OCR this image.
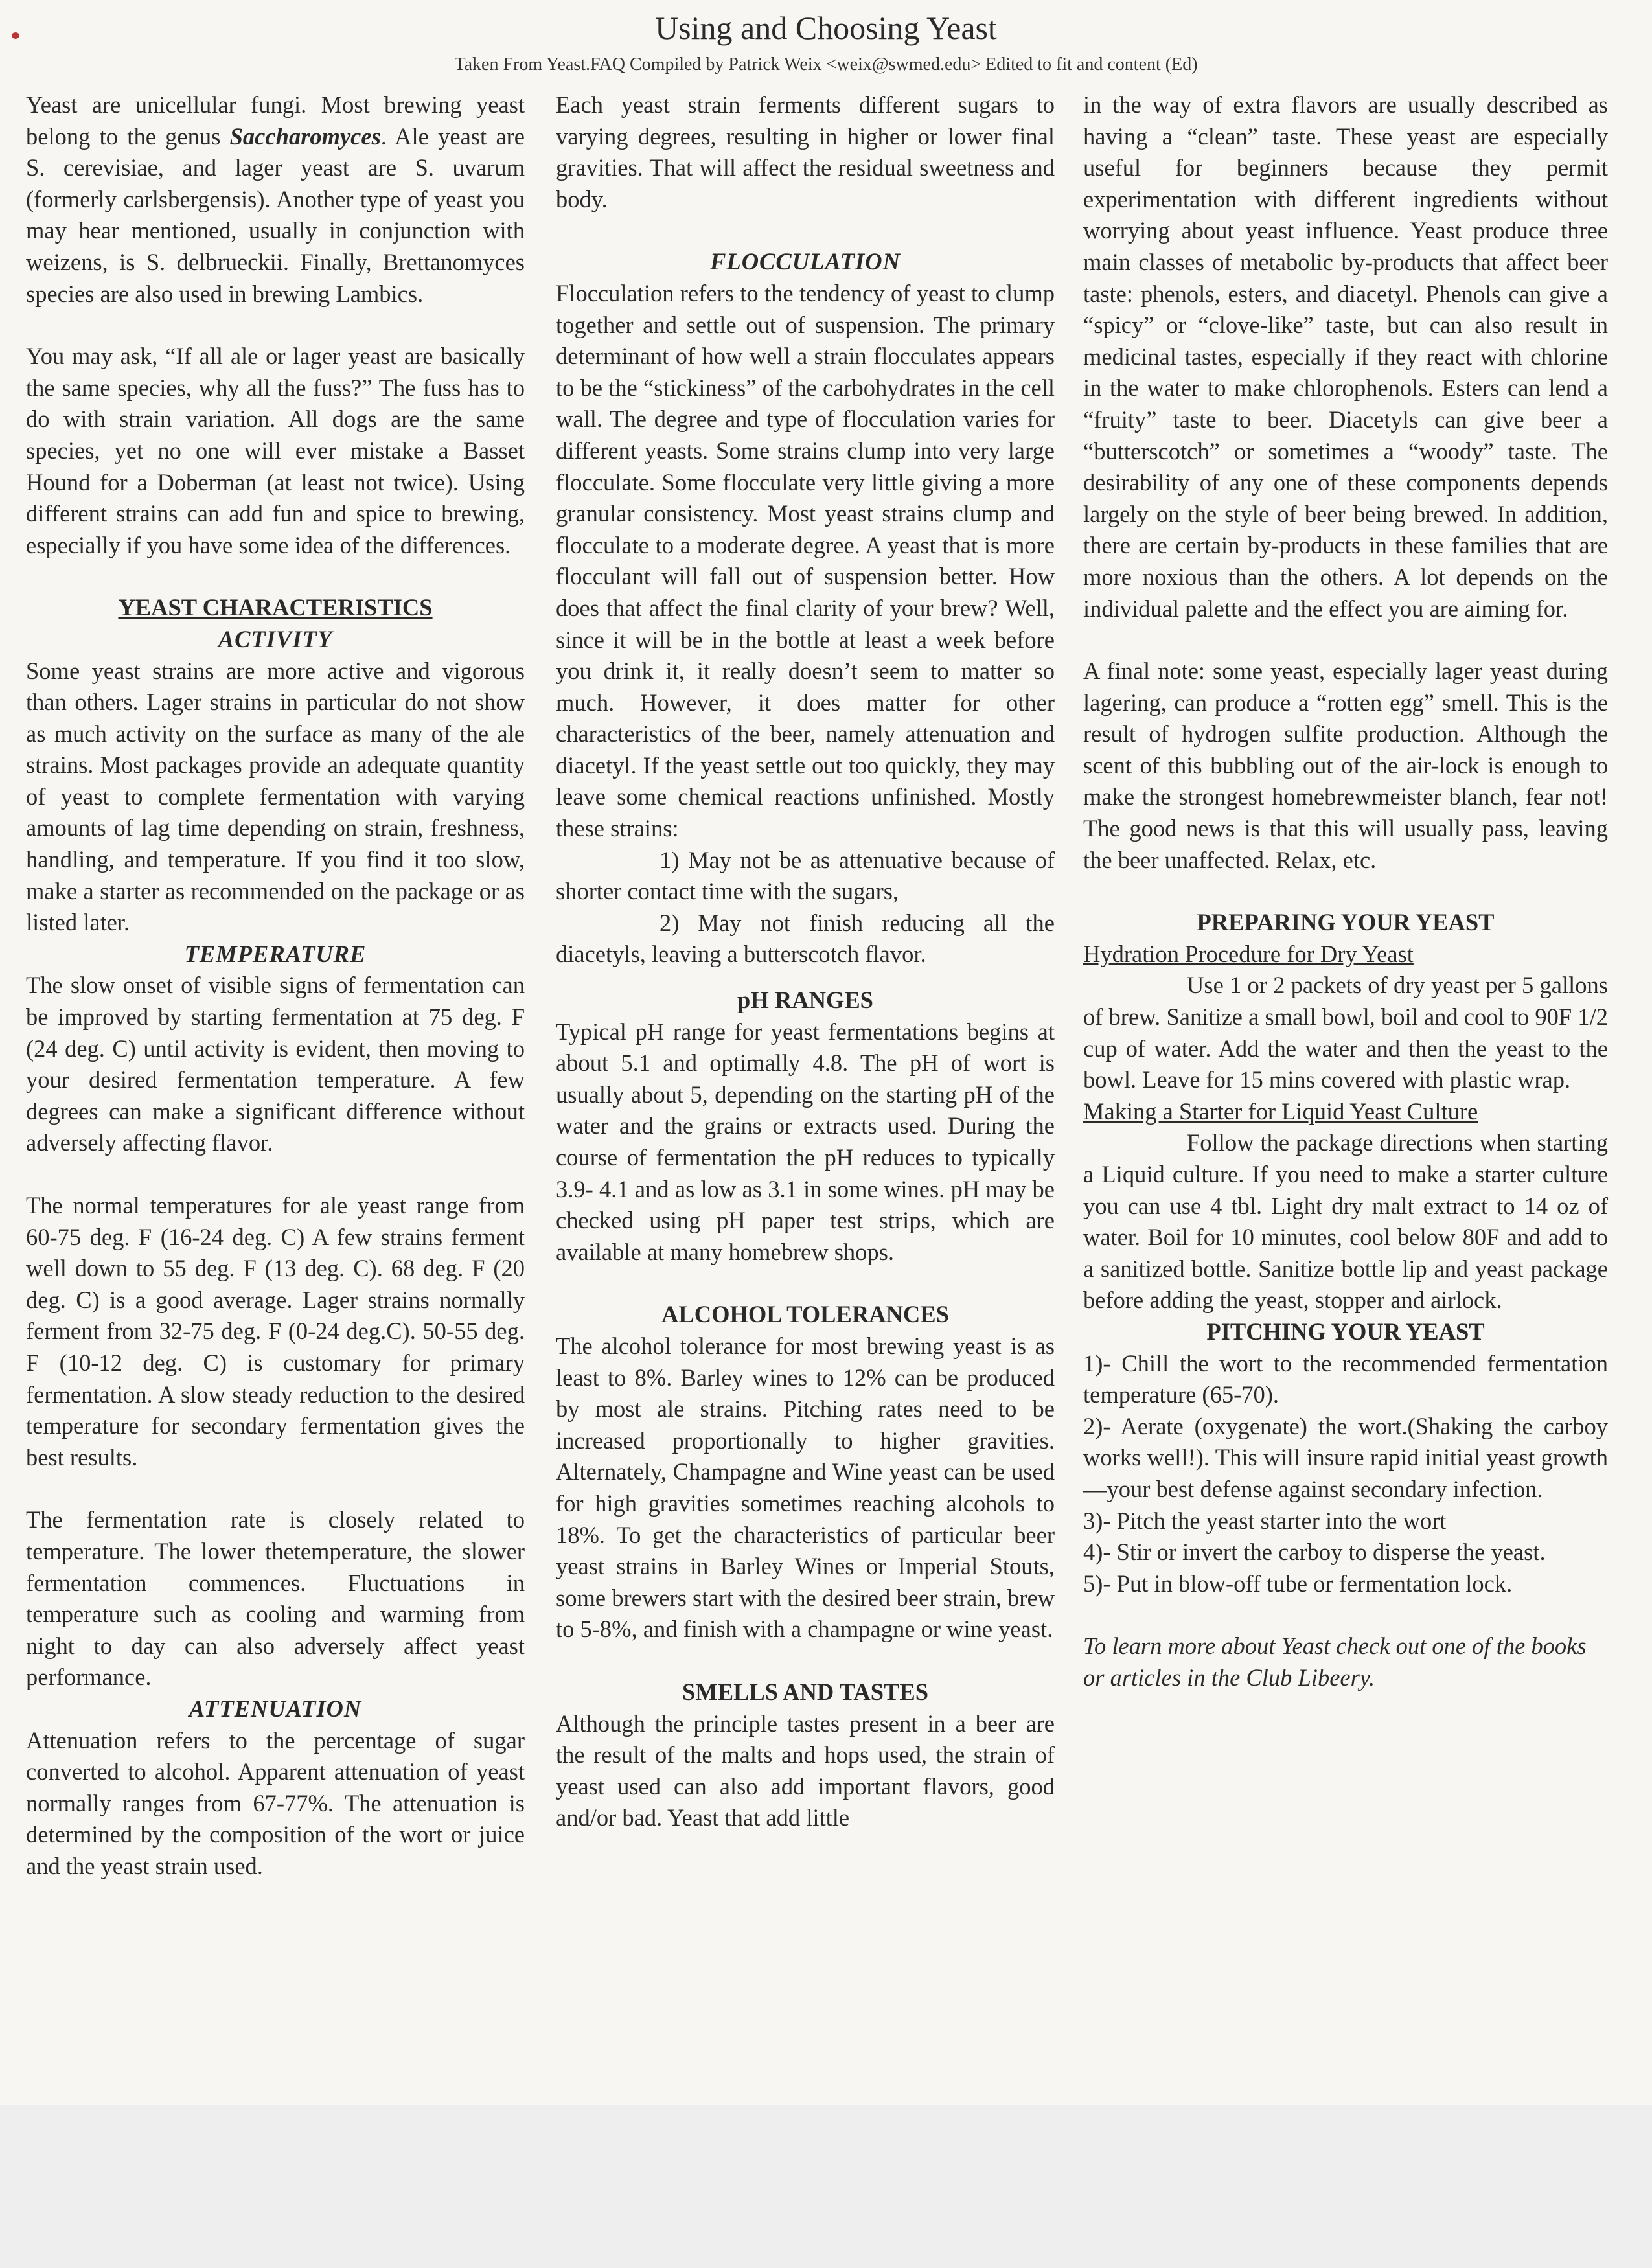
Using and Choosing Yeast
Taken From Yeast.FAQ Compiled by Patrick Weix <weix@swmed.edu> Edited to fit and content (Ed)

Yeast are unicellular fungi. Most brewing yeast belong to the genus Saccharomyces. Ale yeast are S. cerevisiae, and lager yeast are S. uvarum (formerly carlsbergensis). Another type of yeast you may hear mentioned, usually in conjunction with weizens, is S. delbrueckii. Finally, Brettanomyces species are also used in brewing Lambics.

You may ask, “If all ale or lager yeast are basically the same species, why all the fuss?” The fuss has to do with strain variation. All dogs are the same species, yet no one will ever mistake a Basset Hound for a Doberman (at least not twice). Using different strains can add fun and spice to brewing, especially if you have some idea of the differences.

YEAST CHARACTERISTICS

ACTIVITY

Some yeast strains are more active and vigorous than others. Lager strains in particular do not show as much activity on the surface as many of the ale strains. Most packages provide an adequate quantity of yeast to complete fermentation with varying amounts of lag time depending on strain, freshness, handling, and temperature. If you find it too slow, make a starter as recommended on the package or as listed later.

TEMPERATURE

The slow onset of visible signs of fermentation can be improved by starting fermentation at 75 deg. F (24 deg. C) until activity is evident, then moving to your desired fermentation temperature. A few degrees can make a significant difference without adversely affecting flavor.

The normal temperatures for ale yeast range from 60-75 deg. F (16-24 deg. C) A few strains ferment well down to 55 deg. F (13 deg. C). 68 deg. F (20 deg. C) is a good average. Lager strains normally ferment from 32-75 deg. F (0-24 deg.C). 50-55 deg. F (10-12 deg. C) is customary for primary fermentation. A slow steady reduction to the desired temperature for secondary fermentation gives the best results.

The fermentation rate is closely related to temperature. The lower thetemperature, the slower fermentation commences. Fluctuations in temperature such as cooling and warming from night to day can also adversely affect yeast performance.

ATTENUATION

Attenuation refers to the percentage of sugar converted to alcohol. Apparent attenuation of yeast normally ranges from 67-77%. The attenuation is determined by the composition of the wort or juice and the yeast strain used.

Each yeast strain ferments different sugars to varying degrees, resulting in higher or lower final gravities. That will affect the residual sweetness and body.

FLOCCULATION

Flocculation refers to the tendency of yeast to clump together and settle out of suspension. The primary determinant of how well a strain flocculates appears to be the “stickiness” of the carbohydrates in the cell wall. The degree and type of flocculation varies for different yeasts. Some strains clump into very large flocculate. Some flocculate very little giving a more granular consistency. Most yeast strains clump and flocculate to a moderate degree. A yeast that is more flocculant will fall out of suspension better. How does that affect the final clarity of your brew? Well, since it will be in the bottle at least a week before you drink it, it really doesn’t seem to matter so much. However, it does matter for other characteristics of the beer, namely attenuation and diacetyl. If the yeast settle out too quickly, they may leave some chemical reactions unfinished. Mostly these strains:

1) May not be as attenuative because of shorter contact time with the sugars,

2) May not finish reducing all the diacetyls, leaving a butterscotch flavor.

pH RANGES

Typical pH range for yeast fermentations begins at about 5.1 and optimally 4.8. The pH of wort is usually about 5, depending on the starting pH of the water and the grains or extracts used. During the course of fermentation the pH reduces to typically 3.9- 4.1 and as low as 3.1 in some wines. pH may be checked using pH paper test strips, which are available at many homebrew shops.

ALCOHOL TOLERANCES

The alcohol tolerance for most brewing yeast is as least to 8%. Barley wines to 12% can be produced by most ale strains. Pitching rates need to be increased proportionally to higher gravities. Alternately, Champagne and Wine yeast can be used for high gravities sometimes reaching alcohols to 18%. To get the characteristics of particular beer yeast strains in Barley Wines or Imperial Stouts, some brewers start with the desired beer strain, brew to 5-8%, and finish with a champagne or wine yeast.

SMELLS AND TASTES

Although the principle tastes present in a beer are the result of the malts and hops used, the strain of yeast used can also add important flavors, good and/or bad. Yeast that add little

in the way of extra flavors are usually described as having a “clean” taste. These yeast are especially useful for beginners because they permit experimentation with different ingredients without worrying about yeast influence. Yeast produce three main classes of metabolic by-products that affect beer taste: phenols, esters, and diacetyl. Phenols can give a “spicy” or “clove-like” taste, but can also result in medicinal tastes, especially if they react with chlorine in the water to make chlorophenols. Esters can lend a “fruity” taste to beer. Diacetyls can give beer a “butterscotch” or sometimes a “woody” taste. The desirability of any one of these components depends largely on the style of beer being brewed. In addition, there are certain by-products in these families that are more noxious than the others. A lot depends on the individual palette and the effect you are aiming for.

A final note: some yeast, especially lager yeast during lagering, can produce a “rotten egg” smell. This is the result of hydrogen sulfite production. Although the scent of this bubbling out of the air-lock is enough to make the strongest homebrewmeister blanch, fear not! The good news is that this will usually pass, leaving the beer unaffected. Relax, etc.

PREPARING YOUR YEAST

Hydration Procedure for Dry Yeast

Use 1 or 2 packets of dry yeast per 5 gallons of brew. Sanitize a small bowl, boil and cool to 90F 1/2 cup of water. Add the water and then the yeast to the bowl. Leave for 15 mins covered with plastic wrap.

Making a Starter for Liquid Yeast Culture

Follow the package directions when starting a Liquid culture. If you need to make a starter culture you can use 4 tbl. Light dry malt extract to 14 oz of water. Boil for 10 minutes, cool below 80F and add to a sanitized bottle. Sanitize bottle lip and yeast package before adding the yeast, stopper and airlock.

PITCHING YOUR YEAST

1)- Chill the wort to the recommended fermentation temperature (65-70).

2)- Aerate (oxygenate) the wort.(Shaking the carboy works well!). This will insure rapid initial yeast growth—your best defense against secondary infection.

3)- Pitch the yeast starter into the wort

4)- Stir or invert the carboy to disperse the yeast.

5)- Put in blow-off tube or fermentation lock.

To learn more about Yeast check out one of the books or articles in the Club Libeery.
